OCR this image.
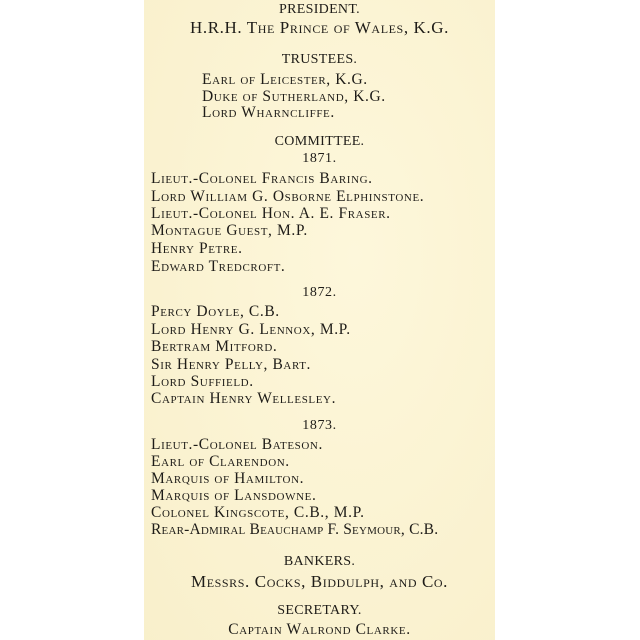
PRESIDENT.
H.R.H. The Prince of Wales, K.G.
TRUSTEES.
Earl of Leicester, K.G.
Duke of Sutherland, K.G.
Lord Wharncliffe.
COMMITTEE.
1871.
Lieut.-Colonel Francis Baring.
Lord William G. Osborne Elphinstone.
Lieut.-Colonel Hon. A. E. Fraser.
Montague Guest, M.P.
Henry Petre.
Edward Tredcroft.
1872.
Percy Doyle, C.B.
Lord Henry G. Lennox, M.P.
Bertram Mitford.
Sir Henry Pelly, Bart.
Lord Suffield.
Captain Henry Wellesley.
1873.
Lieut.-Colonel Bateson.
Earl of Clarendon.
Marquis of Hamilton.
Marquis of Lansdowne.
Colonel Kingscote, C.B., M.P.
Rear-Admiral Beauchamp F. Seymour, C.B.
BANKERS.
Messrs. Cocks, Biddulph, and Co.
SECRETARY.
Captain Walrond Clarke.
